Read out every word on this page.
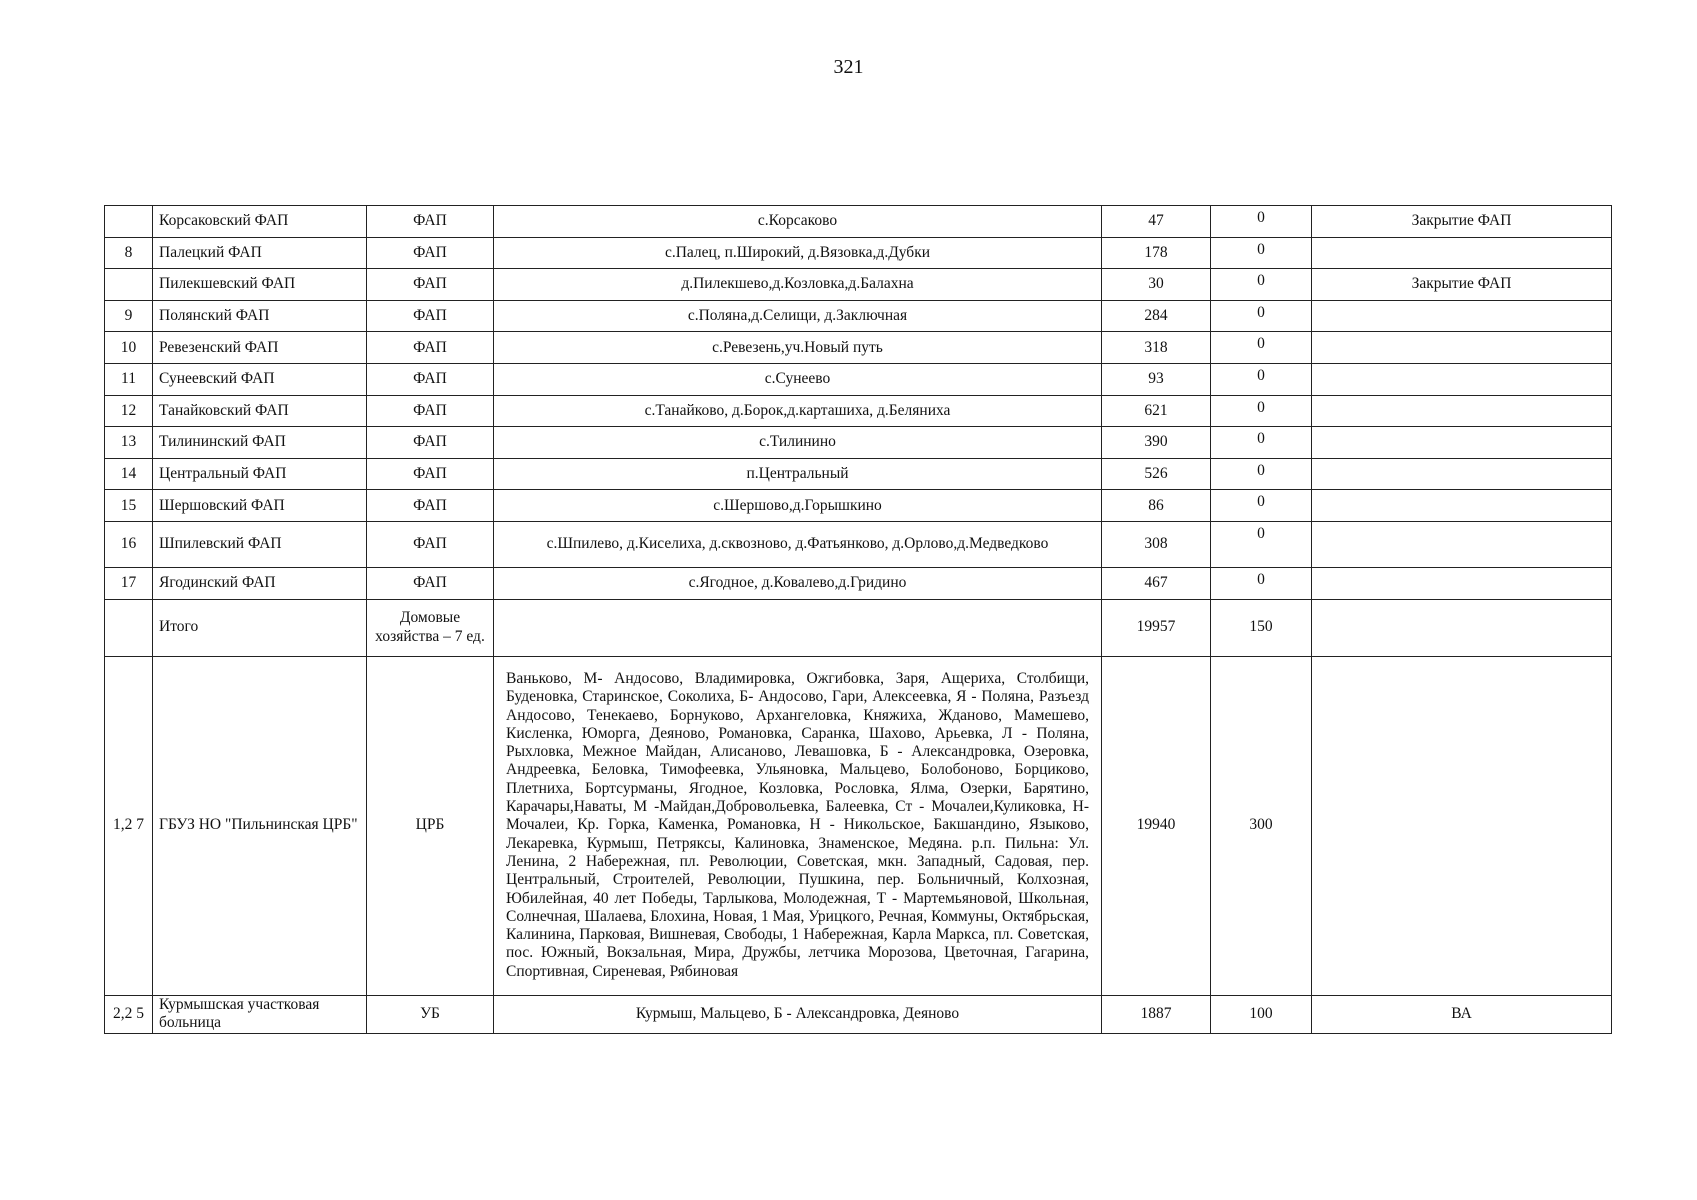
321
	Корсаковский ФАП	ФАП	с.Корсаково	47	0	Закрытие ФАП
8	Палецкий ФАП	ФАП	с.Палец, п.Широкий, д.Вязовка,д.Дубки	178	0	
	Пилекшевский ФАП	ФАП	д.Пилекшево,д.Козловка,д.Балахна	30	0	Закрытие ФАП
9	Полянский ФАП	ФАП	с.Поляна,д.Селищи, д.Заключная	284	0	
10	Ревезенский ФАП	ФАП	с.Ревезень,уч.Новый путь	318	0	
11	Сунеевский ФАП	ФАП	с.Сунеево	93	0	
12	Танайковский ФАП	ФАП	с.Танайково, д.Борок,д.карташиха, д.Беляниха	621	0	
13	Тилининский ФАП	ФАП	с.Тилинино	390	0	
14	Центральный ФАП	ФАП	п.Центральный	526	0	
15	Шершовский ФАП	ФАП	с.Шершово,д.Горышкино	86	0	
16	Шпилевский ФАП	ФАП	с.Шпилево, д.Киселиха, д.сквозново, д.Фатьянково, д.Орлово,д.Медведково	308	0	
17	Ягодинский ФАП	ФАП	с.Ягодное, д.Ковалево,д.Гридино	467	0	
	Итого	Домовые хозяйства – 7 ед.		19957	150	
1,2 7	ГБУЗ НО "Пильнинская ЦРБ"	ЦРБ	Ваньково, М- Андосово, Владимировка, Ожгибовка, Заря, Ащериха, Столбищи, Буденовка, Старинское, Соколиха, Б- Андосово, Гари, Алексеевка, Я - Поляна, Разъезд Андосово, Тенекаево, Борнуково, Архангеловка, Княжиха, Жданово, Мамешево, Кисленка, Юморга, Деяново, Романовка, Саранка, Шахово, Арьевка, Л - Поляна, Рыхловка, Межное Майдан, Алисаново, Левашовка, Б - Александровка, Озеровка, Андреевка, Беловка, Тимофеевка, Ульяновка, Мальцево, Болобоново, Борциково, Плетниха, Бортсурманы, Ягодное, Козловка, Рословка, Ялма, Озерки, Барятино, Карачары,Наваты, М -Майдан,Добровольевка, Балеевка, Ст - Мочалеи,Куликовка, Н- Мочалеи, Кр. Горка, Каменка, Романовка, Н - Никольское, Бакшандино, Языково, Лекаревка, Курмыш, Петряксы, Калиновка, Знаменское, Медяна. р.п. Пильна: Ул. Ленина, 2 Набережная, пл. Революции, Советская, мкн. Западный, Садовая, пер. Центральный, Строителей, Революции, Пушкина, пер. Больничный, Колхозная, Юбилейная, 40 лет Победы, Тарлыкова, Молодежная, Т - Мартемьяновой, Школьная, Солнечная, Шалаева, Блохина, Новая, 1 Мая, Урицкого, Речная, Коммуны, Октябрьская, Калинина, Парковая, Вишневая, Свободы, 1 Набережная, Карла Маркса, пл. Советская, пос. Южный, Вокзальная, Мира, Дружбы, летчика Морозова, Цветочная, Гагарина, Спортивная, Сиреневая, Рябиновая	19940	300	
2,2 5	Курмышская участковая больница	УБ	Курмыш, Мальцево, Б - Александровка, Деяново	1887	100	ВА
